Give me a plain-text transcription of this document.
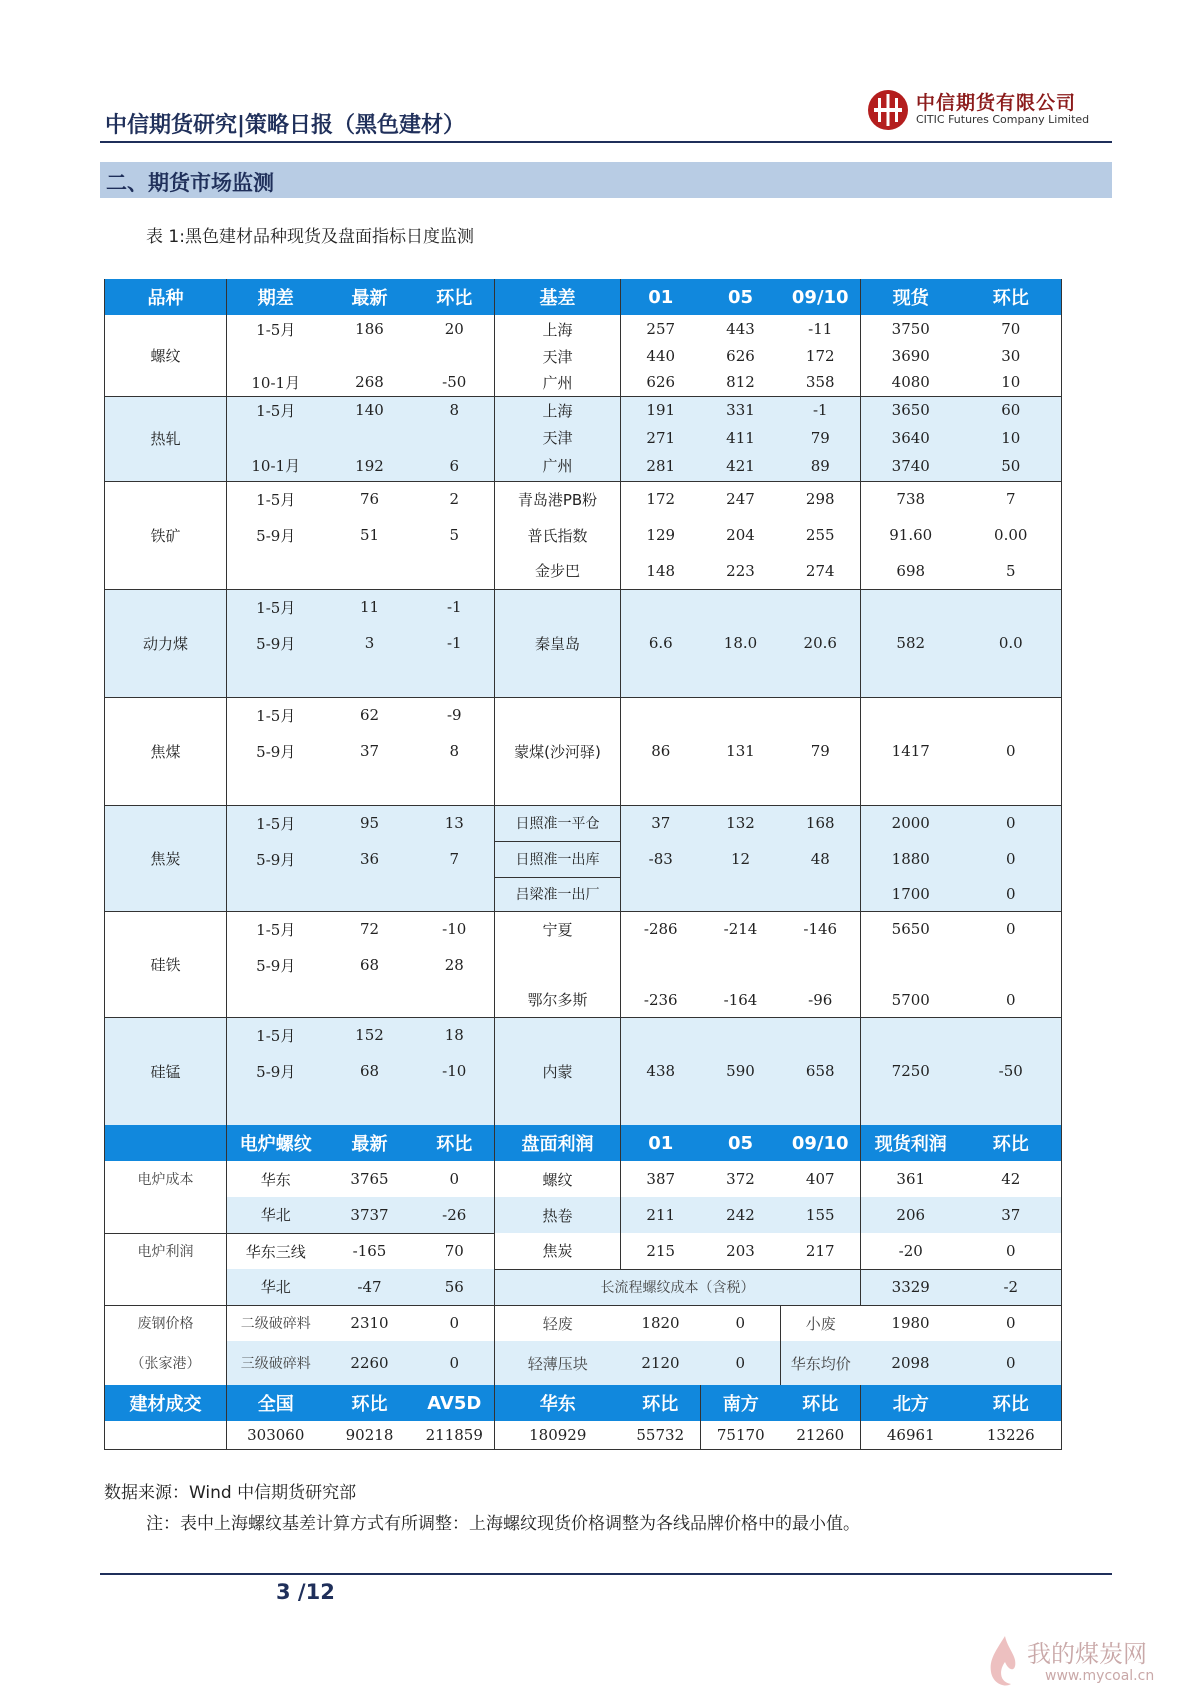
中信期货研究|策略日报（黑色建材）
中信期货有限公司
CITIC Futures Company Limited
二、期货市场监测
表 1:黑色建材品种现货及盘面指标日度监测
品种	期差	最新	环比	基差	01	05	09/10	现货	环比
螺纹	1-5月	186	20	上海	257	443	-11	3750	70
				天津	440	626	172	3690	30
	10-1月	268	-50	广州	626	812	358	4080	10
热轧	1-5月	140	8	上海	191	331	-1	3650	60
				天津	271	411	79	3640	10
	10-1月	192	6	广州	281	421	89	3740	50
铁矿	1-5月	76	2	青岛港PB粉	172	247	298	738	7
	5-9月	51	5	普氏指数	129	204	255	91.60	0.00
				金步巴	148	223	274	698	5
动力煤	1-5月	11	-1	秦皇岛	6.6	18.0	20.6	582	0.0
	5-9月	3	-1						

焦煤	1-5月	62	-9	蒙煤(沙河驿)	86	131	79	1417	0
	5-9月	37	8						

焦炭	1-5月	95	13	日照准一平仓	37	132	168	2000	0
	5-9月	36	7	日照准一出库	-83	12	48	1880	0
				吕梁准一出厂				1700	0
硅铁	1-5月	72	-10	宁夏	-286	-214	-146	5650	0
	5-9月	68	28						
				鄂尔多斯	-236	-164	-96	5700	0
硅锰	1-5月	152	18	内蒙	438	590	658	7250	-50
	5-9月	68	-10						

	电炉螺纹	最新	环比	盘面利润	01	05	09/10	现货利润	环比
电炉成本	华东	3765	0	螺纹	387	372	407	361	42
	华北	3737	-26	热卷	211	242	155	206	37
电炉利润	华东三线	-165	70	焦炭	215	203	217	-20	0
	华北	-47	56	长流程螺纹成本（含税）				3329	-2
废钢价格	二级破碎料	2310	0	轻废	1820	0	小废	1980	0
（张家港）	三级破碎料	2260	0	轻薄压块	2120	0	华东均价	2098	0
建材成交	全国	环比	AV5D	华东	环比	南方	环比	北方	环比
	303060	90218	211859	180929	55732	75170	21260	46961	13226
数据来源：Wind 中信期货研究部
注：表中上海螺纹基差计算方式有所调整：上海螺纹现货价格调整为各线品牌价格中的最小值。
3 /12
我的煤炭网
www.mycoal.cn
